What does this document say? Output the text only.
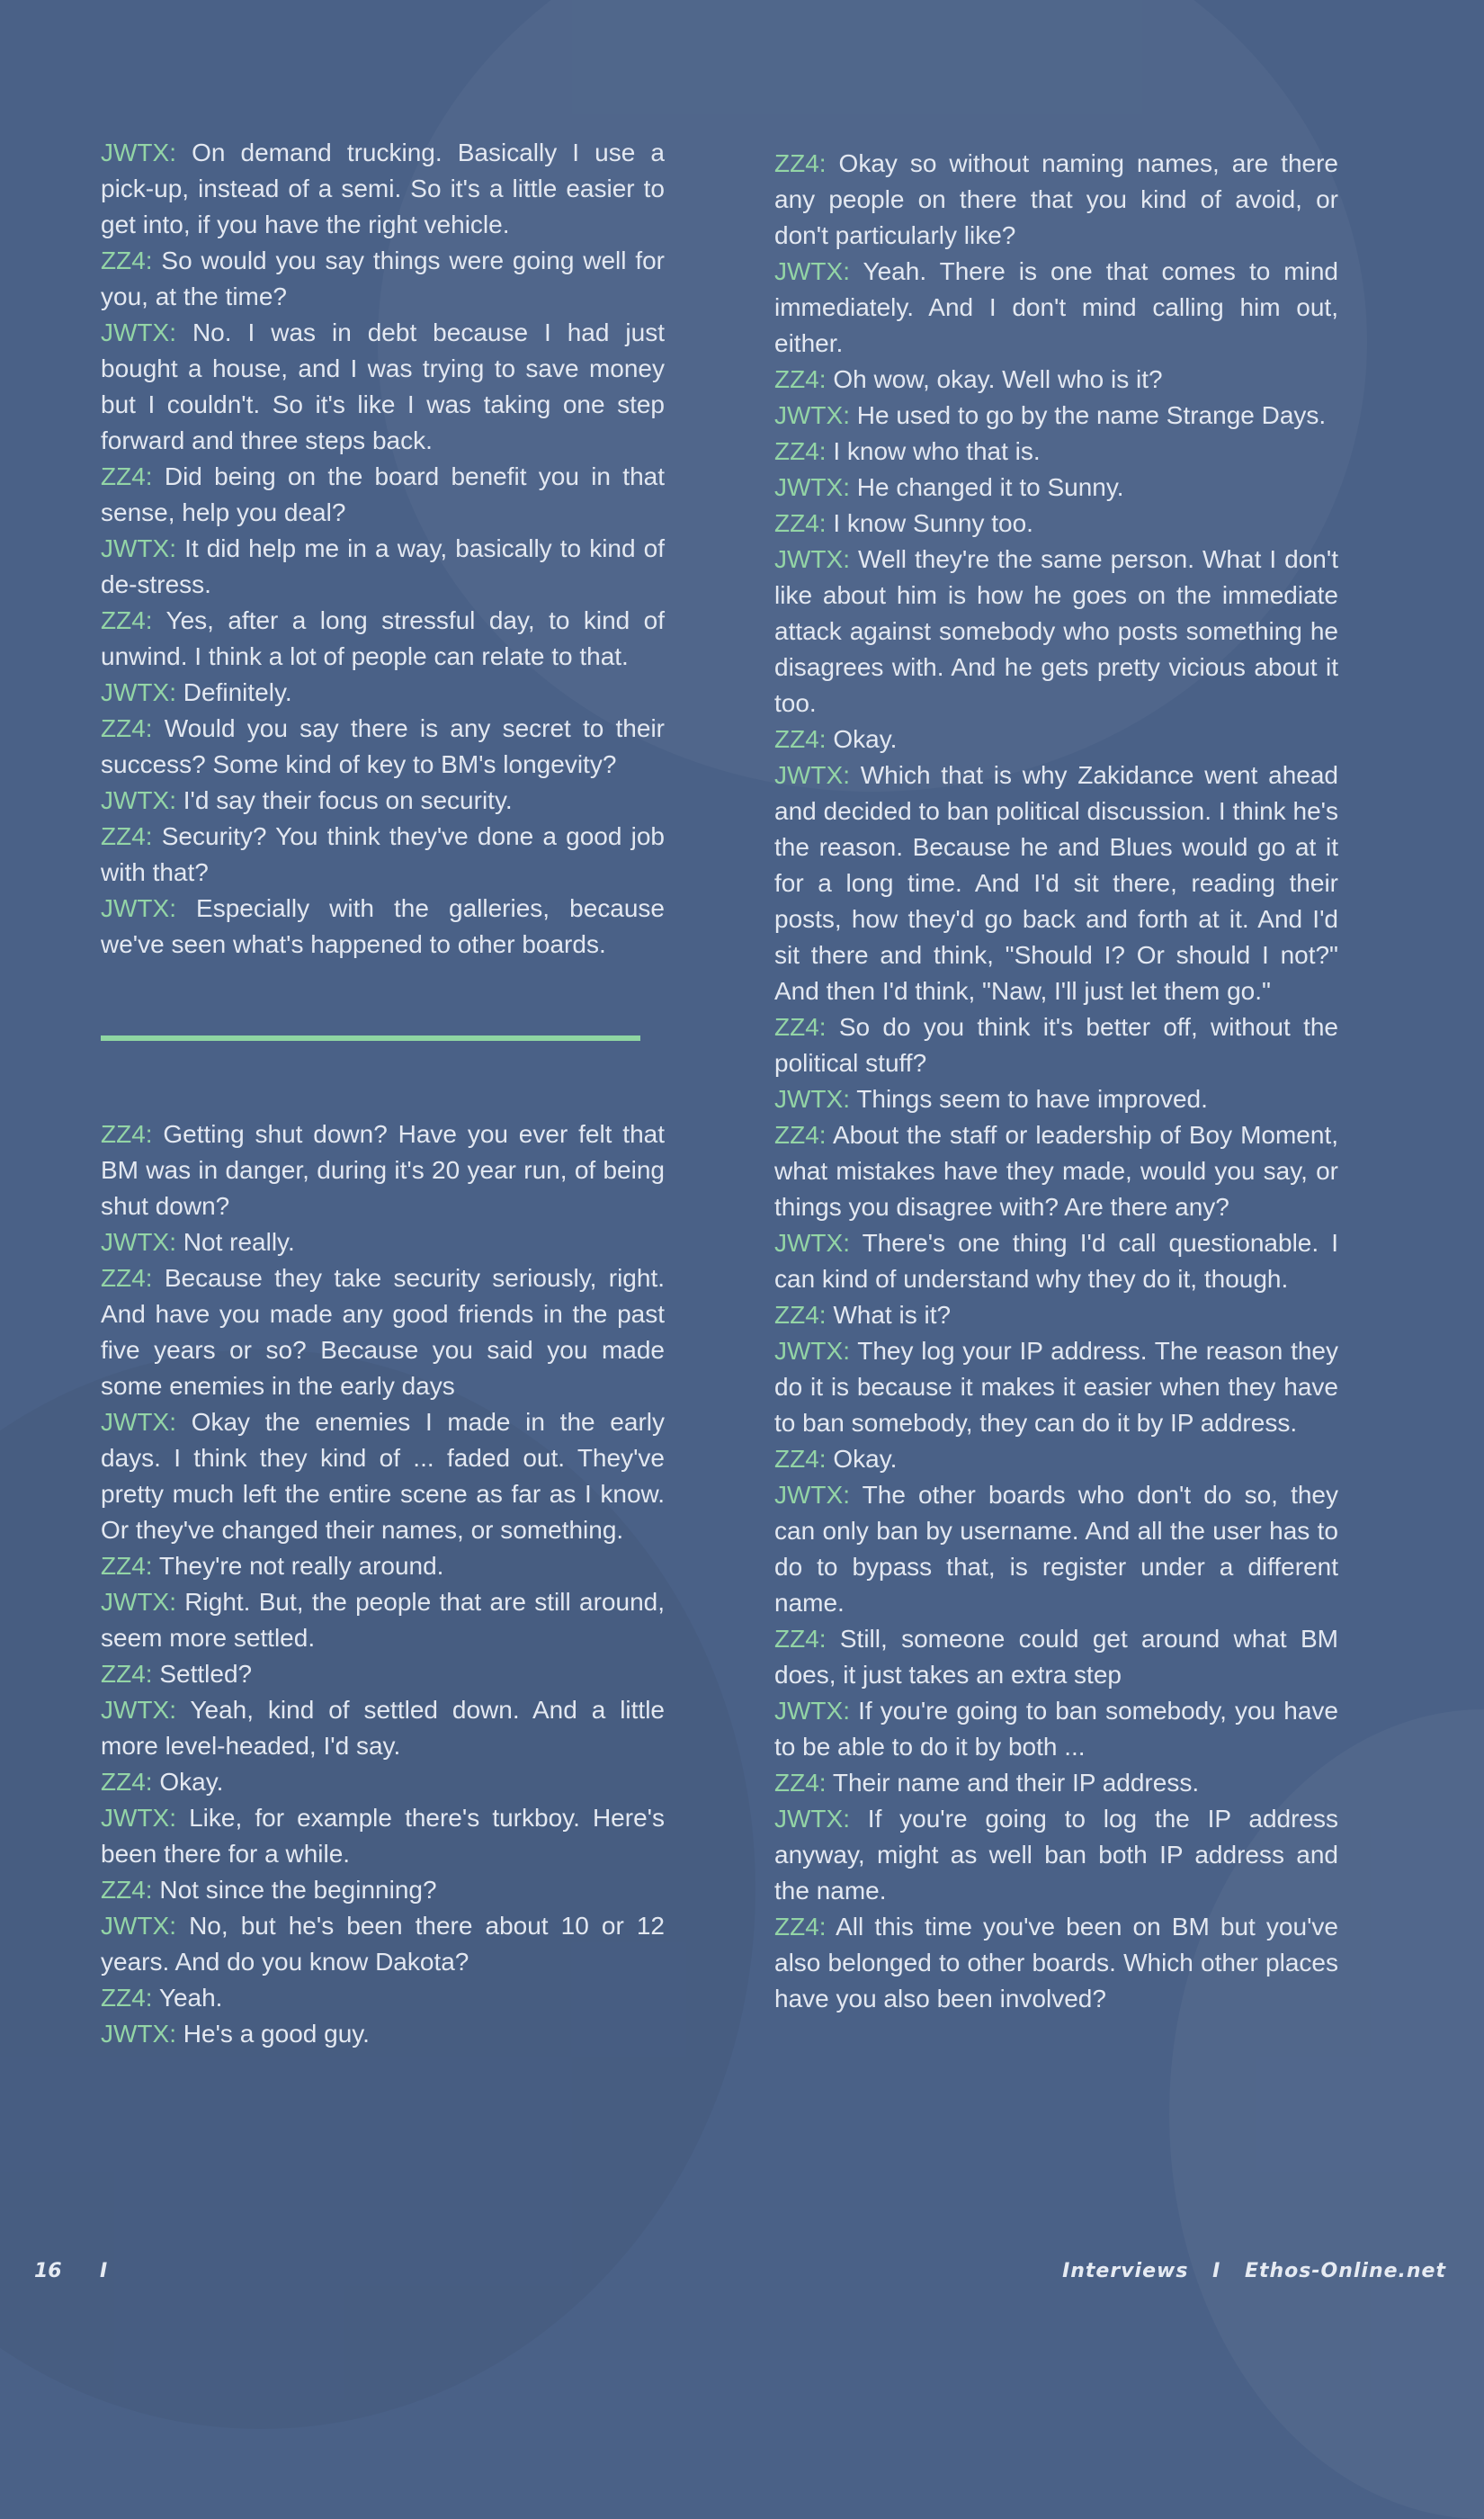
JWTX: On demand trucking. Basically I use a pick-up, instead of a semi. So it's a little easier to get into, if you have the right vehicle.

ZZ4: So would you say things were going well for you, at the time?

JWTX: No. I was in debt because I had just bought a house, and I was trying to save money but I couldn't. So it's like I was taking one step forward and three steps back.

ZZ4: Did being on the board benefit you in that sense, help you deal?

JWTX: It did help me in a way, basically to kind of de-stress.

ZZ4: Yes, after a long stressful day, to kind of unwind. I think a lot of people can relate to that.

JWTX: Definitely.

ZZ4: Would you say there is any secret to their success? Some kind of key to BM's longevity?

JWTX: I'd say their focus on security.

ZZ4: Security? You think they've done a good job with that?

JWTX: Especially with the galleries, because we've seen what's happened to other boards.

ZZ4: Getting shut down? Have you ever felt that BM was in danger, during it's 20 year run, of being shut down?

JWTX: Not really.

ZZ4: Because they take security seriously, right. And have you made any good friends in the past five years or so? Because you said you made some enemies in the early days

JWTX: Okay the enemies I made in the early days. I think they kind of ... faded out. They've pretty much left the entire scene as far as I know. Or they've changed their names, or something.

ZZ4: They're not really around.

JWTX: Right. But, the people that are still around, seem more settled.

ZZ4: Settled?

JWTX: Yeah, kind of settled down. And a little more level-headed, I'd say.

ZZ4: Okay.

JWTX: Like, for example there's turkboy. Here's been there for a while.

ZZ4: Not since the beginning?

JWTX: No, but he's been there about 10 or 12 years. And do you know Dakota?

ZZ4: Yeah.

JWTX: He's a good guy.

ZZ4: Okay so without naming names, are there any people on there that you kind of avoid, or don't particularly like?

JWTX: Yeah. There is one that comes to mind immediately. And I don't mind calling him out, either.

ZZ4: Oh wow, okay. Well who is it?

JWTX: He used to go by the name Strange Days.

ZZ4: I know who that is.

JWTX: He changed it to Sunny.

ZZ4: I know Sunny too.

JWTX: Well they're the same person. What I don't like about him is how he goes on the immediate attack against somebody who posts something he disagrees with. And he gets pretty vicious about it too.

ZZ4: Okay.

JWTX: Which that is why Zakidance went ahead and decided to ban political discussion. I think he's the reason. Because he and Blues would go at it for a long time. And I'd sit there, reading their posts, how they'd go back and forth at it. And I'd sit there and think, "Should I? Or should I not?" And then I'd think, "Naw, I'll just let them go."

ZZ4: So do you think it's better off, without the political stuff?

JWTX: Things seem to have improved.

ZZ4: About the staff or leadership of Boy Moment, what mistakes have they made, would you say, or things you disagree with? Are there any?

JWTX: There's one thing I'd call questionable. I can kind of understand why they do it, though.

ZZ4: What is it?

JWTX: They log your IP address. The reason they do it is because it makes it easier when they have to ban somebody, they can do it by IP address.

ZZ4: Okay.

JWTX: The other boards who don't do so, they can only ban by username. And all the user has to do to bypass that, is register under a different name.

ZZ4: Still, someone could get around what BM does, it just takes an extra step

JWTX: If you're going to ban somebody, you have to be able to do it by both ...

ZZ4: Their name and their IP address.

JWTX: If you're going to log the IP address anyway, might as well ban both IP address and the name.

ZZ4: All this time you've been on BM but you've also belonged to other boards. Which other places have you also been involved?

16 I	Interviews I Ethos-Online.net
